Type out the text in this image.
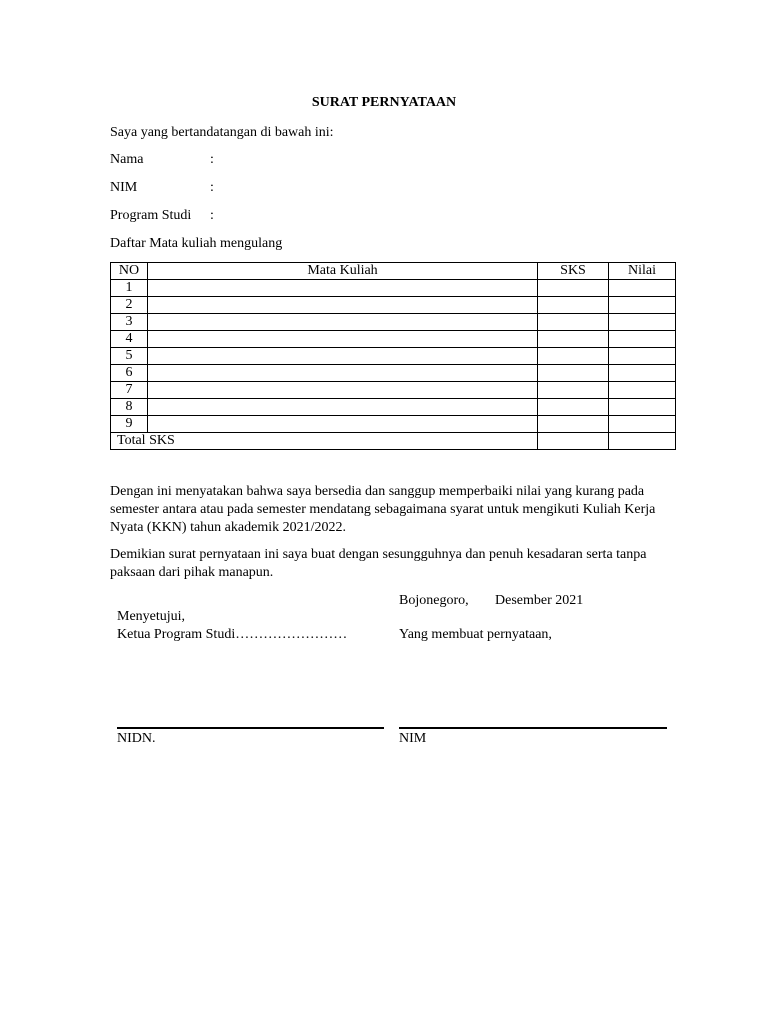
SURAT PERNYATAAN
Saya yang bertandatangan di bawah ini:
Nama	:
NIM	:
Program Studi :
Daftar Mata kuliah mengulang
NO	Mata Kuliah	SKS	Nilai
1			
2			
3			
4			
5			
6			
7			
8			
9			
Total SKS			
Dengan ini menyatakan bahwa saya bersedia dan sanggup memperbaiki nilai yang kurang pada semester antara atau pada semester mendatang sebagaimana syarat untuk mengikuti Kuliah Kerja Nyata (KKN) tahun akademik 2021/2022.
Demikian surat pernyataan ini saya buat dengan sesungguhnya dan penuh kesadaran serta tanpa paksaan dari pihak manapun.
Bojonegoro, Desember 2021
Menyetujui,
Ketua Program Studi……………………	Yang membuat pernyataan,
NIDN.	NIM
